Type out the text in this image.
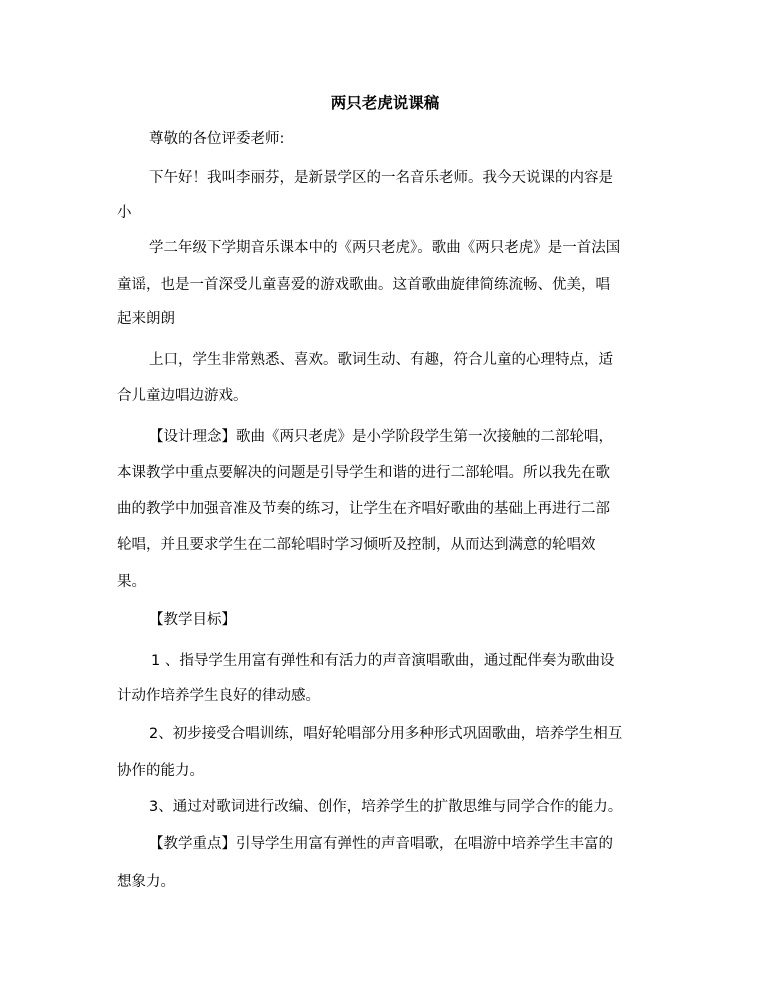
两只老虎说课稿
尊敬的各位评委老师:
下午好！我叫李丽芬，是新景学区的一名音乐老师。我今天说课的内容是
小
学二年级下学期音乐课本中的《两只老虎》。歌曲《两只老虎》是一首法国
童谣，也是一首深受儿童喜爱的游戏歌曲。这首歌曲旋律简练流畅、优美，唱
起来朗朗
上口，学生非常熟悉、喜欢。歌词生动、有趣，符合儿童的心理特点，适
合儿童边唱边游戏。
【设计理念】歌曲《两只老虎》是小学阶段学生第一次接触的二部轮唱，
本课教学中重点要解决的问题是引导学生和谐的进行二部轮唱。所以我先在歌
曲的教学中加强音准及节奏的练习，让学生在齐唱好歌曲的基础上再进行二部
轮唱，并且要求学生在二部轮唱时学习倾听及控制，从而达到满意的轮唱效
果。
【教学目标】
1 、指导学生用富有弹性和有活力的声音演唱歌曲，通过配伴奏为歌曲设
计动作培养学生良好的律动感。
2、初步接受合唱训练，唱好轮唱部分用多种形式巩固歌曲，培养学生相互
协作的能力。
3、通过对歌词进行改编、创作，培养学生的扩散思维与同学合作的能力。
【教学重点】引导学生用富有弹性的声音唱歌，在唱游中培养学生丰富的
想象力。
